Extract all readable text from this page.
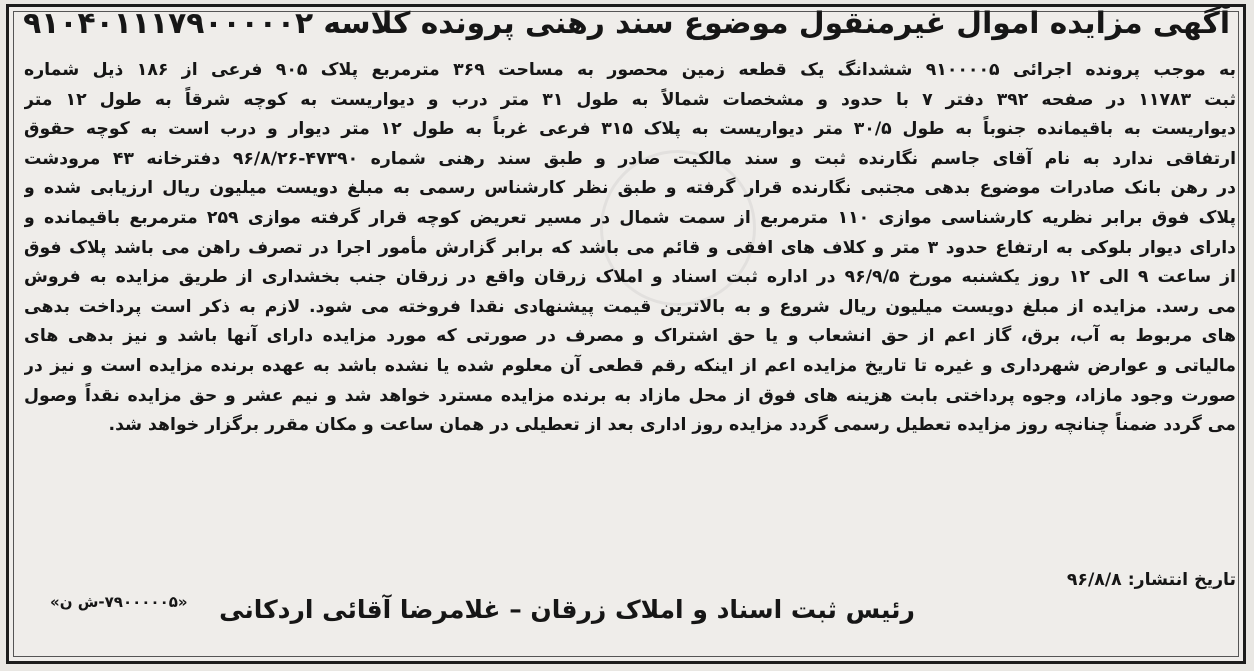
آگهی مزایده اموال غیرمنقول موضوع سند رهنی پرونده کلاسه ۹۱۰۴۰۱۱۱۷۹۰۰۰۰۰۲
به موجب پرونده اجرائی ۹۱۰۰۰۰۵ ششدانگ یک قطعه زمین محصور به مساحت ۳۶۹ مترمربع پلاک ۹۰۵ فرعی از ۱۸۶ ذیل شماره
ثبت ۱۱۷۸۳ در صفحه ۳۹۲ دفتر ۷ با حدود و مشخصات شمالاً به طول ۳۱ متر درب و دیواریست به کوچه شرقاً به طول ۱۲ متر
دیواریست به باقیمانده جنوباً به طول ۳۰/۵ متر دیواریست به پلاک ۳۱۵ فرعی غرباً به طول ۱۲ متر دیوار و درب است به کوچه حقوق
ارتفاقی ندارد به نام آقای جاسم نگارنده ثبت و سند مالکیت صادر و طبق سند رهنی شماره ۴۷۳۹۰-۹۶/۸/۲۶ دفترخانه ۴۳ مرودشت
در رهن بانک صادرات موضوع بدهی مجتبی نگارنده قرار گرفته و طبق نظر کارشناس رسمی به مبلغ دویست میلیون ریال ارزیابی شده و
پلاک فوق برابر نظریه کارشناسی موازی ۱۱۰ مترمربع از سمت شمال در مسیر تعریض کوچه قرار گرفته موازی ۲۵۹ مترمربع باقیمانده و
دارای دیوار بلوکی به ارتفاع حدود ۳ متر و کلاف های افقی و قائم می باشد که برابر گزارش مأمور اجرا در تصرف راهن می باشد پلاک فوق
از ساعت ۹ الی ۱۲ روز یکشنبه مورخ ۹۶/۹/۵ در اداره ثبت اسناد و املاک زرقان واقع در زرقان جنب بخشداری از طریق مزایده به فروش
می رسد. مزایده از مبلغ دویست میلیون ریال شروع و به بالاترین قیمت پیشنهادی نقدا فروخته می شود. لازم به ذکر است پرداخت بدهی
های مربوط به آب، برق، گاز اعم از حق انشعاب و یا حق اشتراک و مصرف در صورتی که مورد مزایده دارای آنها باشد و نیز بدهی های
مالیاتی و عوارض شهرداری و غیره تا تاریخ مزایده اعم از اینکه رقم قطعی آن معلوم شده یا نشده باشد به عهده برنده مزایده است و نیز در
صورت وجود مازاد، وجوه پرداختی بابت هزینه های فوق از محل مازاد به برنده مزایده مسترد خواهد شد و نیم عشر و حق مزایده نقداً وصول
می گردد ضمناً چنانچه روز مزایده تعطیل رسمی گردد مزایده روز اداری بعد از تعطیلی در همان ساعت و مکان مقرر برگزار خواهد شد.
تاریخ انتشار: ۹۶/۸/۸
«۷۹۰۰۰۰۰۵-ش ن»	رئیس ثبت اسناد و املاک زرقان – غلامرضا آقائی اردکانی
